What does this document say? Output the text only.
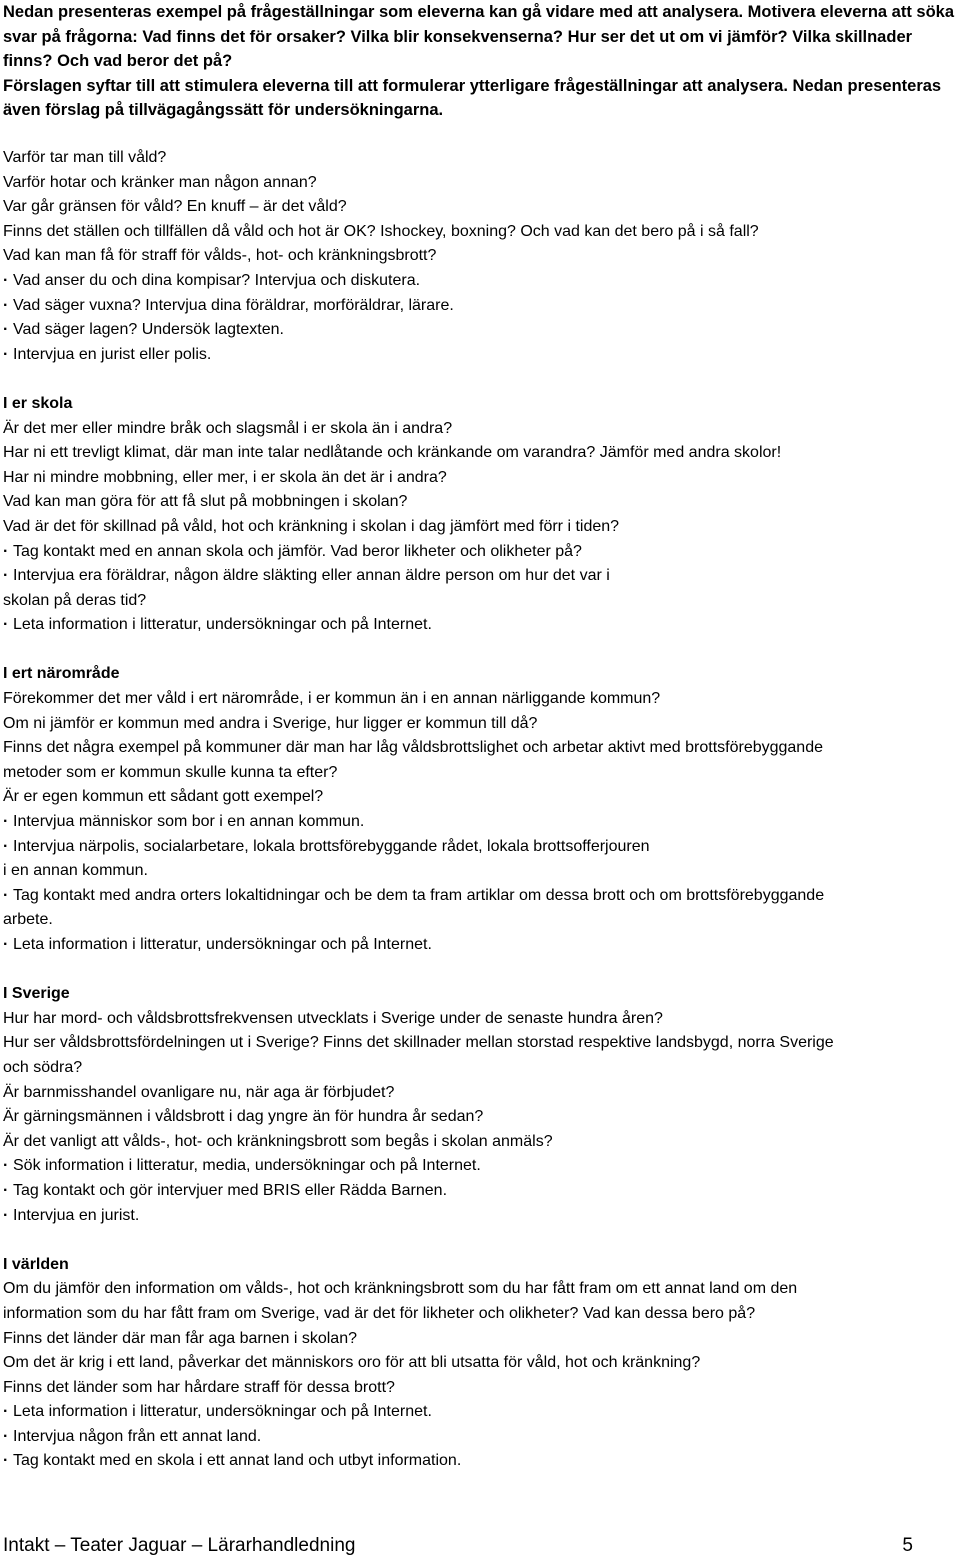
Nedan presenteras exempel på frågeställningar som eleverna kan gå vidare med att analysera. Motivera eleverna att söka svar på frågorna: Vad finns det för orsaker? Vilka blir konsekvenserna? Hur ser det ut om vi jämför? Vilka skillnader finns? Och vad beror det på?

Förslagen syftar till att stimulera eleverna till att formulerar ytterligare frågeställningar att analysera. Nedan presenteras även förslag på tillvägagångssätt för undersökningarna.

Varför tar man till våld?
Varför hotar och kränker man någon annan?
Var går gränsen för våld? En knuff – är det våld?
Finns det ställen och tillfällen då våld och hot är OK? Ishockey, boxning? Och vad kan det bero på i så fall?
Vad kan man få för straff för vålds-, hot- och kränkningsbrott?
· Vad anser du och dina kompisar? Intervjua och diskutera.
· Vad säger vuxna? Intervjua dina föräldrar, morföräldrar, lärare.
· Vad säger lagen? Undersök lagtexten.
· Intervjua en jurist eller polis.
I er skola
Är det mer eller mindre bråk och slagsmål i er skola än i andra?
Har ni ett trevligt klimat, där man inte talar nedlåtande och kränkande om varandra? Jämför med andra skolor!
Har ni mindre mobbning, eller mer, i er skola än det är i andra?
Vad kan man göra för att få slut på mobbningen i skolan?
Vad är det för skillnad på våld, hot och kränkning i skolan i dag jämfört med förr i tiden?
· Tag kontakt med en annan skola och jämför. Vad beror likheter och olikheter på?
· Intervjua era föräldrar, någon äldre släkting eller annan äldre person om hur det var i
skolan på deras tid?
· Leta information i litteratur, undersökningar och på Internet.
I ert närområde
Förekommer det mer våld i ert närområde, i er kommun än i en annan närliggande kommun?
Om ni jämför er kommun med andra i Sverige, hur ligger er kommun till då?
Finns det några exempel på kommuner där man har låg våldsbrottslighet och arbetar aktivt med brottsförebyggande
metoder som er kommun skulle kunna ta efter?
Är er egen kommun ett sådant gott exempel?
· Intervjua människor som bor i en annan kommun.
· Intervjua närpolis, socialarbetare, lokala brottsförebyggande rådet, lokala brottsofferjouren
i en annan kommun.
· Tag kontakt med andra orters lokaltidningar och be dem ta fram artiklar om dessa brott och om brottsförebyggande
arbete.
· Leta information i litteratur, undersökningar och på Internet.
I Sverige
Hur har mord- och våldsbrottsfrekvensen utvecklats i Sverige under de senaste hundra åren?
Hur ser våldsbrottsfördelningen ut i Sverige? Finns det skillnader mellan storstad respektive landsbygd, norra Sverige
och södra?
Är barnmisshandel ovanligare nu, när aga är förbjudet?
Är gärningsmännen i våldsbrott i dag yngre än för hundra år sedan?
Är det vanligt att vålds-, hot- och kränkningsbrott som begås i skolan anmäls?
· Sök information i litteratur, media, undersökningar och på Internet.
· Tag kontakt och gör intervjuer med BRIS eller Rädda Barnen.
· Intervjua en jurist.
I världen
Om du jämför den information om vålds-, hot och kränkningsbrott som du har fått fram om ett annat land om den
information som du har fått fram om Sverige, vad är det för likheter och olikheter? Vad kan dessa bero på?
Finns det länder där man får aga barnen i skolan?
Om det är krig i ett land, påverkar det människors oro för att bli utsatta för våld, hot och kränkning?
Finns det länder som har hårdare straff för dessa brott?
· Leta information i litteratur, undersökningar och på Internet.
· Intervjua någon från ett annat land.
· Tag kontakt med en skola i ett annat land och utbyt information.
Intakt – Teater Jaguar – Lärarhandledning	5
